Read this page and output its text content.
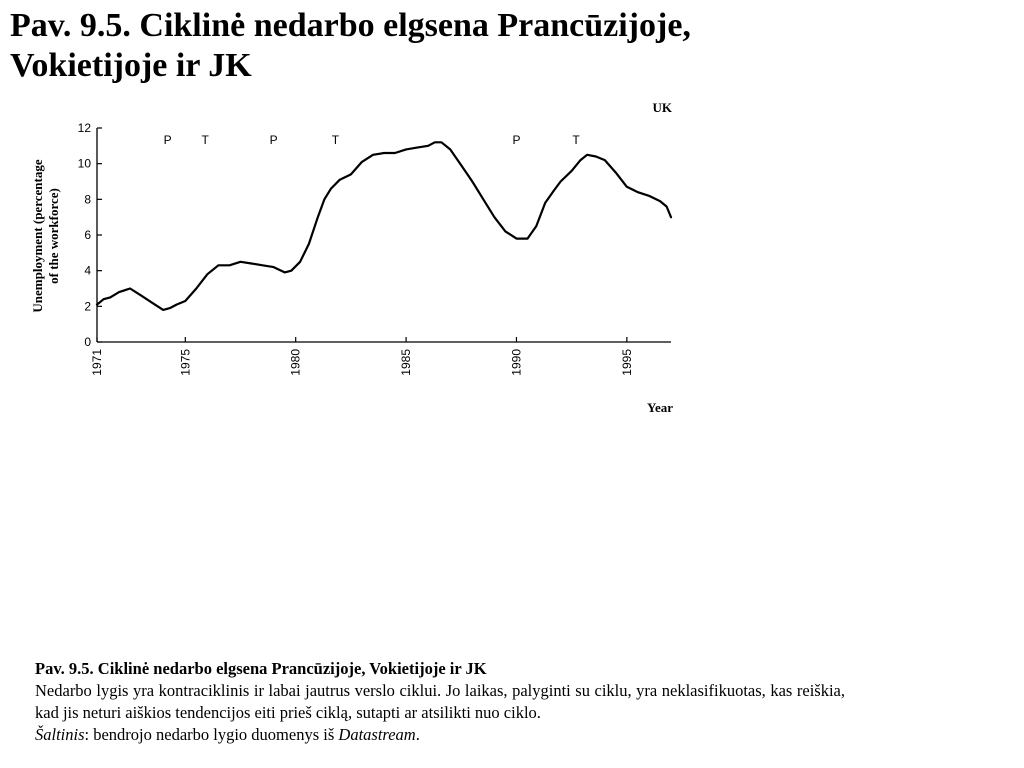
Pav. 9.5. Ciklinė nedarbo elgsena Prancūzijoje,
Vokietijoje ir JK
0
2
4
6
8
10
12
1971	1975	1980	1985	1990	1995
P T	P	T	P	T
UK
Year
Unemployment (percentage of the workforce)

Pav. 9.5. Ciklinė nedarbo elgsena Prancūzijoje, Vokietijoje ir JK

Nedarbo lygis yra kontraciklinis ir labai jautrus verslo ciklui. Jo laikas, palyginti su ciklu, yra neklasifikuotas, kas reiškia, kad jis neturi aiškios tendencijos eiti prieš ciklą, sutapti ar atsilikti nuo ciklo.

Šaltinis: bendrojo nedarbo lygio duomenys iš Datastream.
